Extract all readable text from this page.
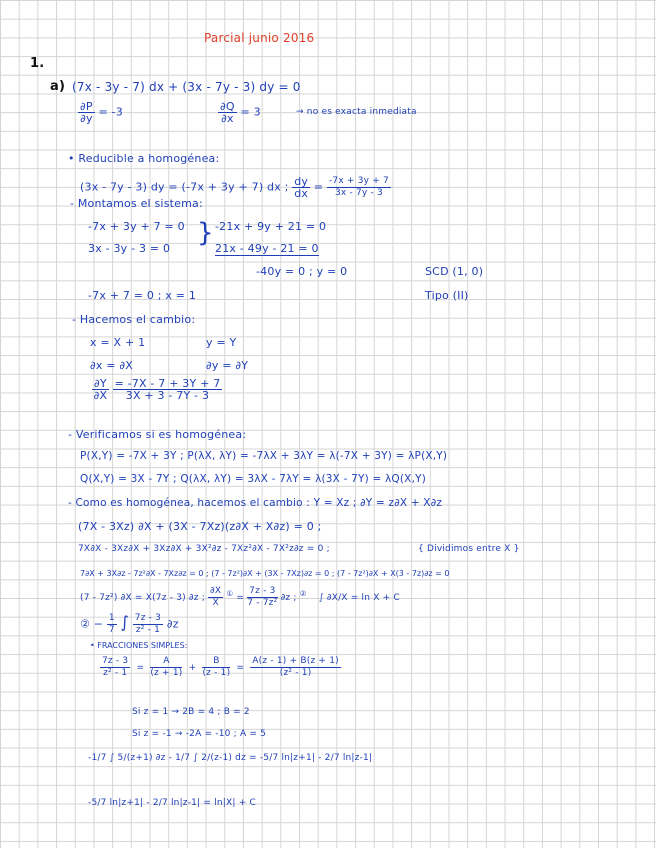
Parcial junio 2016
1.
a) (7x - 3y - 7) dx + (3x - 7y - 3) dy = 0
$\frac{\partial P}{\partial y} = -3$	$\frac{\partial Q}{\partial x} = 3$	→ no es exacta inmediata
• Reducible a homogénea:
(3x - 7y - 3) dy = (-7x + 3y + 7) dx ; $\frac{dy}{dx} = \frac{-7x + 3y + 7}{3x - 7y - 3}$
- Montamos el sistema:
-7x + 3y + 7 = 0
3x - 3y - 3 = 0
} -21x + 9y + 21 = 0
21x - 49y - 21 = 0
-40y = 0 ; y = 0	SCD (1, 0)
-7x + 7 = 0 ; x = 1	Tipo (II)
- Hacemos el cambio:
x = X + 1	y = Y
∂x = ∂X	∂y = ∂Y
$\frac{\partial Y}{\partial X}$
$\frac{= -7X - 7 + 3Y + 7}{3X + 3 - 7Y - 3}$
- Verificamos si es homogénea:
P(X,Y) = -7X + 3Y ; P(λX, λY) = -7λX + 3λY = λ(-7X + 3Y) = λP(X,Y)
Q(X,Y) = 3X - 7Y ; Q(λX, λY) = 3λX - 7λY = λ(3X - 7Y) = λQ(X,Y)
- Como es homogénea, hacemos el cambio : Y = Xz ; ∂Y = z∂X + X∂z
(7X - 3Xz) ∂X + (3X - 7Xz)(z∂X + X∂z) = 0 ;
7X∂X - 3Xz∂X + 3Xz∂X + 3X²∂z - 7Xz²∂X - 7X²z∂z = 0 ;	{ Dividimos entre X }
7∂X + 3X∂z - 7z²∂X - 7Xz∂z = 0 ; (7 - 7z²)∂X + (3X - 7Xz)∂z = 0 ; (7 - 7z²)∂X + X(3 - 7z)∂z = 0
(7 - 7z²) ∂X = X(7z - 3) ∂z ; $\frac{\partial X}{X} ^① = \frac{7z - 3}{\text{7 - 7z²}} \partial z$ ; ② ∫ ∂X/X = ln X + C
② − $\frac{1}{7}$ ∫ $\frac{7z - 3}{\text{z² - 1}} \partial z$
• FRACCIONES SIMPLES:
$\frac{7z - 3}{\text{z² - 1}} = \frac{A}{(z + 1)} + \frac{B}{(z - 1)} = \frac{A(z - 1) + B(z + 1)}{\text{(z² - 1)}}$
Si z = 1 → 2B = 4 ; B = 2
Si z = -1 → -2A = -10 ; A = 5
-1/7 ∫ 5/(z+1) ∂z - 1/7 ∫ 2/(z-1) dz = -5/7 ln|z+1| - 2/7 ln|z-1|
-5/7 ln|z+1| - 2/7 ln|z-1| = ln|X| + C
